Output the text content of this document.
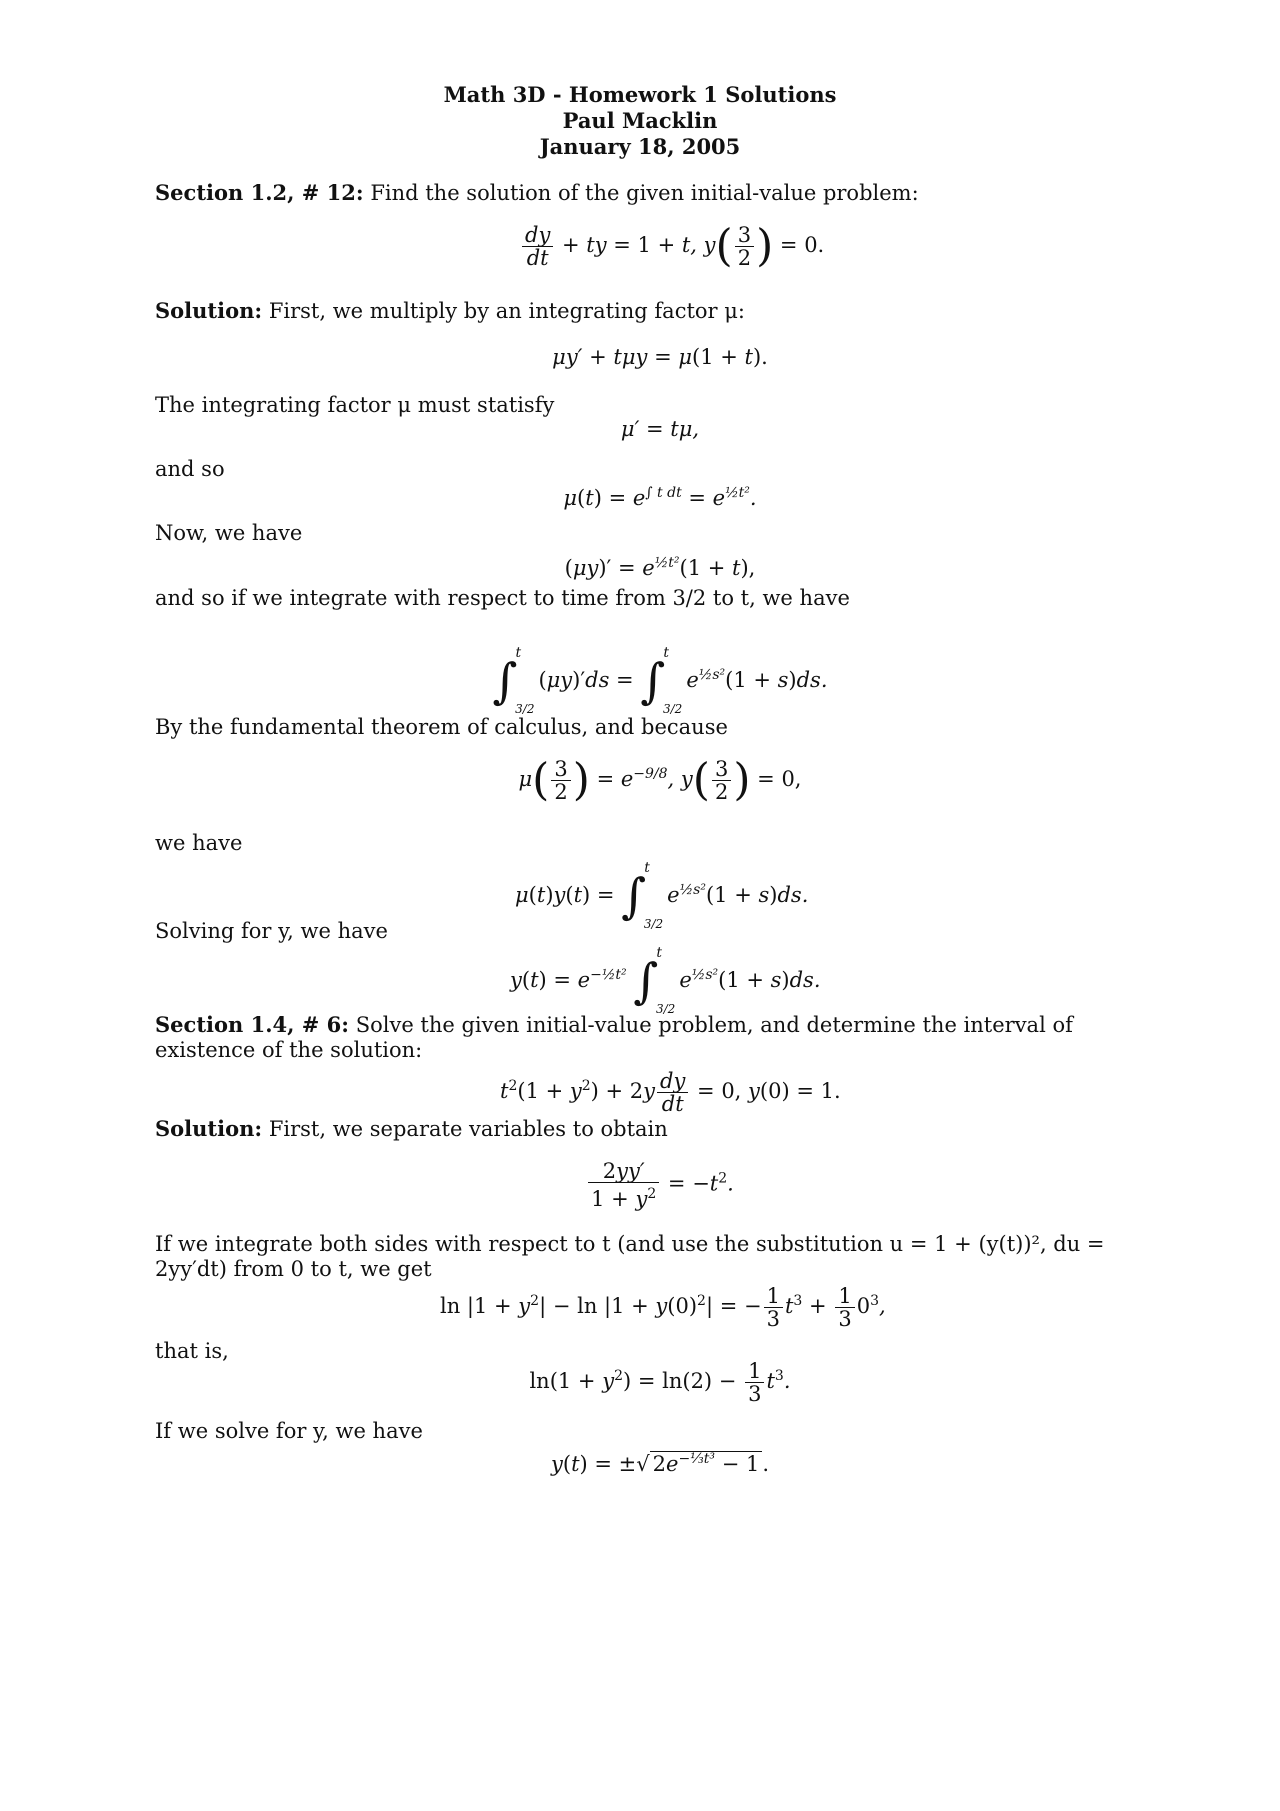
Math 3D - Homework 1 Solutions
Paul Macklin
January 18, 2005
Section 1.2, # 12: Find the solution of the given initial-value problem:
$\frac{dy}{dt}$ + ty = 1 + t, $y( \frac{3}{2}$ ) = 0.
Solution: First, we multiply by an integrating factor μ:
μy′ + tμy = μ(1 + t).
The integrating factor μ must statisfy
μ′ = tμ,
and so
$\mu(t) = e^{\int t dt} = e^{\frac{1}{2}t^2}$.
Now, we have
$(\mu y)' = e^{\frac{1}{2}t^2}(1 + t)$,
and so if we integrate with respect to time from 3/2 to t, we have
$\int^t3/2(\mu y)'ds = \int^t3/2e^{\frac{1}{2}s^2}(1 + s)ds$.
By the fundamental theorem of calculus, and because
$\mu( \frac{3}{2}$ ) = $e^{-9/8}$, $y( \frac{3}{2}$ ) = 0,
we have
$\mu(t)y(t) = \int^t3/2e^{\frac{1}{2}s^2}(1 + s)ds$.
Solving for y, we have
$y(t) = e^{-\frac{1}{2}t^2}$ $\int^t3/2e^{\frac{1}{2}s^2}(1 + s)ds$.
Section 1.4, # 6: Solve the given initial-value problem, and determine the interval of existence of the solution:
$t^2(1 + y^2) + 2y \frac{dy}{dt} = 0$, y(0) = 1.
Solution: First, we separate variables to obtain
$\frac{2yy'}{1 + y^2} = -t^2$.
If we integrate both sides with respect to t (and use the substitution u = 1 + (y(t))², du = 2yy′dt) from 0 to t, we get
$\ln |1 + y^2| - \ln |1 + y(0)^2|$ = − $\frac{1}{3} t^3 + \frac{1}{3} 0^3$,
that is,
$\ln(1 + y^2) = \ln(2) - \frac{1}{3} t^3$.
If we solve for y, we have
y(t) = ±√ $2e^{-\frac{1}{3}t^3} - 1$ .
